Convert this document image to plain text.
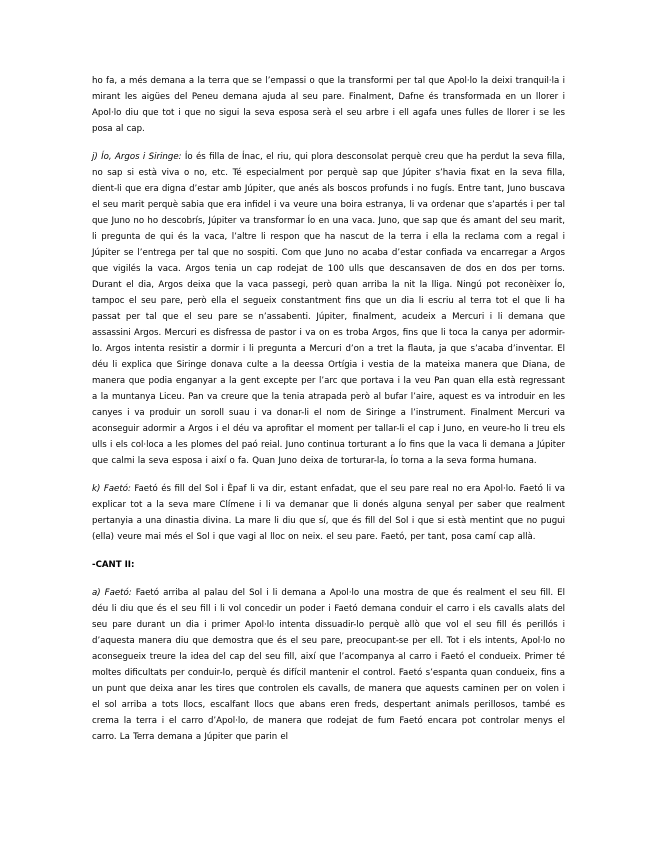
ho fa, a més demana a la terra que se l’empassi o que la transformi per tal que Apol·lo la deixi tranquil·la i mirant les aigües del Peneu demana ajuda al seu pare. Finalment, Dafne és transformada en un llorer i Apol·lo diu que tot i que no sigui la seva esposa serà el seu arbre i ell agafa unes fulles de llorer i se les posa al cap.

j) Ío, Argos i Siringe: Ío és filla de Ínac, el riu, qui plora desconsolat perquè creu que ha perdut la seva filla, no sap si està viva o no, etc. Té especialment por perquè sap que Júpiter s’havia fixat en la seva filla, dient-li que era digna d’estar amb Júpiter, que anés als boscos profunds i no fugís. Entre tant, Juno buscava el seu marit perquè sabia que era infidel i va veure una boira estranya, li va ordenar que s’apartés i per tal que Juno no ho descobrís, Júpiter va transformar Ío en una vaca. Juno, que sap que és amant del seu marit, li pregunta de qui és la vaca, l’altre li respon que ha nascut de la terra i ella la reclama com a regal i Júpiter se l’entrega per tal que no sospiti. Com que Juno no acaba d’estar confiada va encarregar a Argos que vigilés la vaca. Argos tenia un cap rodejat de 100 ulls que descansaven de dos en dos per torns. Durant el dia, Argos deixa que la vaca passegi, però quan arriba la nit la lliga. Ningú pot reconèixer Ío, tampoc el seu pare, però ella el segueix constantment fins que un dia li escriu al terra tot el que li ha passat per tal que el seu pare se n’assabenti. Júpiter, finalment, acudeix a Mercuri i li demana que assassini Argos. Mercuri es disfressa de pastor i va on es troba Argos, fins que li toca la canya per adormir-lo. Argos intenta resistir a dormir i li pregunta a Mercuri d’on a tret la flauta, ja que s’acaba d’inventar. El déu li explica que Siringe donava culte a la deessa Ortígia i vestia de la mateixa manera que Diana, de manera que podia enganyar a la gent excepte per l’arc que portava i la veu Pan quan ella està regressant a la muntanya Liceu. Pan va creure que la tenia atrapada però al bufar l’aire, aquest es va introduir en les canyes i va produir un soroll suau i va donar-li el nom de Siringe a l’instrument. Finalment Mercuri va aconseguir adormir a Argos i el déu va aprofitar el moment per tallar-li el cap i Juno, en veure-ho li treu els ulls i els col·loca a les plomes del paó reial. Juno continua torturant a Ío fins que la vaca li demana a Júpiter que calmi la seva esposa i així o fa. Quan Juno deixa de torturar-la, Ío torna a la seva forma humana.

k) Faetó: Faetó és fill del Sol i Èpaf li va dir, estant enfadat, que el seu pare real no era Apol·lo. Faetó li va explicar tot a la seva mare Clímene i li va demanar que li donés alguna senyal per saber que realment pertanyia a una dinastia divina. La mare li diu que sí, que és fill del Sol i que si està mentint que no pugui (ella) veure mai més el Sol i que vagi al lloc on neix. el seu pare. Faetó, per tant, posa camí cap allà.

-CANT II:

a) Faetó: Faetó arriba al palau del Sol i li demana a Apol·lo una mostra de que és realment el seu fill. El déu li diu que és el seu fill i li vol concedir un poder i Faetó demana conduir el carro i els cavalls alats del seu pare durant un dia i primer Apol·lo intenta dissuadir-lo perquè allò que vol el seu fill és perillós i d’aquesta manera diu que demostra que és el seu pare, preocupant-se per ell. Tot i els intents, Apol·lo no aconsegueix treure la idea del cap del seu fill, així que l’acompanya al carro i Faetó el condueix. Primer té moltes dificultats per conduir-lo, perquè és difícil mantenir el control. Faetó s’espanta quan condueix, fins a un punt que deixa anar les tires que controlen els cavalls, de manera que aquests caminen per on volen i el sol arriba a tots llocs, escalfant llocs que abans eren freds, despertant animals perillosos, també es crema la terra i el carro d’Apol·lo, de manera que rodejat de fum Faetó encara pot controlar menys el carro. La Terra demana a Júpiter que parin el
